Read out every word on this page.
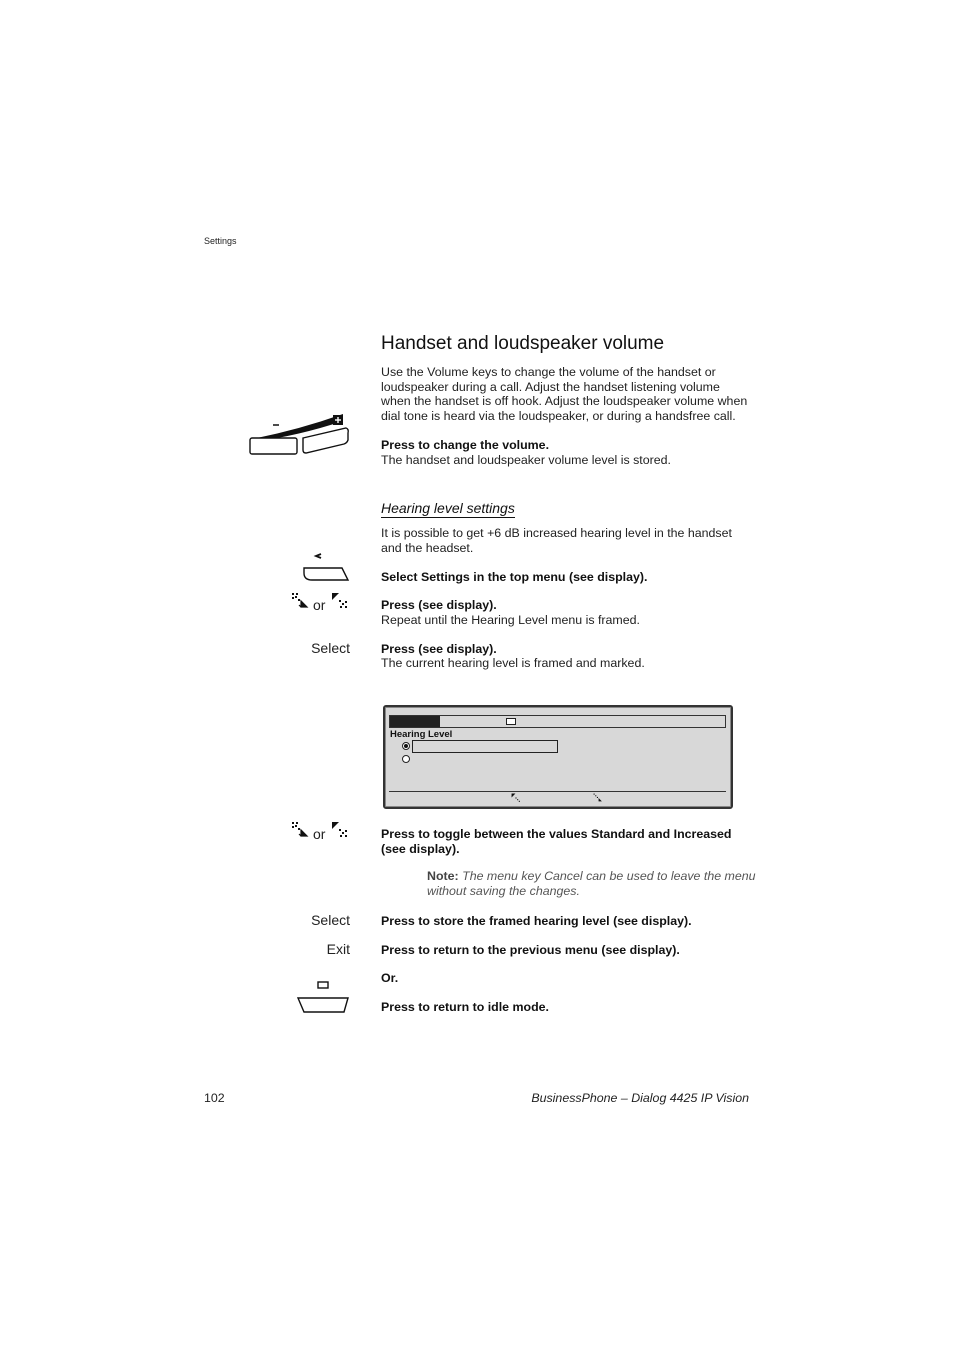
Settings
Handset and loudspeaker volume
Use the Volume keys to change the volume of the handset or
loudspeaker during a call. Adjust the handset listening volume
when the handset is off hook. Adjust the loudspeaker volume when
dial tone is heard via the loudspeaker, or during a handsfree call.
Press to change the volume.
The handset and loudspeaker volume level is stored.
Hearing level settings
It is possible to get +6 dB increased hearing level in the handset
and the headset.
Select Settings in the top menu (see display).
or	Press (see display).
Repeat until the Hearing Level menu is framed.
Select	Press (see display).
The current hearing level is framed and marked.
Hearing Level
or	Press to toggle between the values Standard and Increased
(see display).
Note: The menu key Cancel can be used to leave the menu
without saving the changes.
Select	Press to store the framed hearing level (see display).
Exit	Press to return to the previous menu (see display).
Or.
Press to return to idle mode.
102	BusinessPhone – Dialog 4425 IP Vision
